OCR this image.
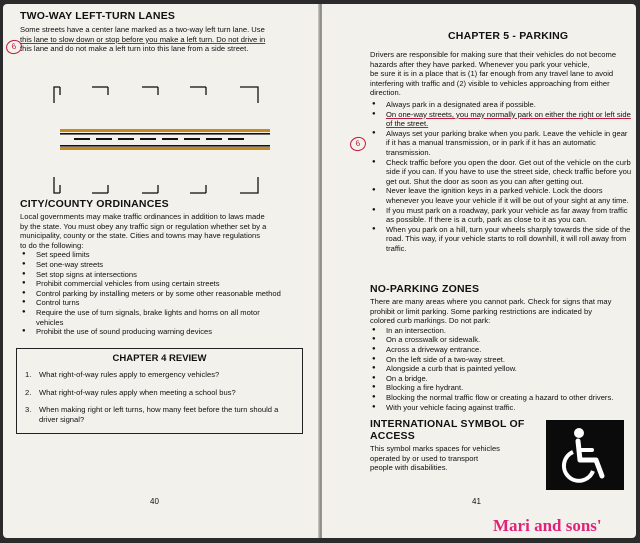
TWO-WAY LEFT-TURN LANES

Some streets have a center lane marked as a two-way left turn lane. Use

this lane to slow down or stop before you make a left turn. Do not drive in

this lane and do not make a left turn into this lane from a side street.

6
CITY/COUNTY ORDINANCES

Local governments may make traffic ordinances in addition to laws made

by the state. You must obey any traffic sign or regulation whether set by a

municipality, county or the state. Cities and towns may have regulations

to do the following:

● Set speed limits
● Set one-way streets
● Set stop signs at intersections
● Prohibit commercial vehicles from using certain streets
● Control parking by installing meters or by some other reasonable method
● Control turns
● Require the use of turn signals, brake lights and horns on all motor vehicles
● Prohibit the use of sound producing warning devices
CHAPTER 4 REVIEW
1. What right-of-way rules apply to emergency vehicles?
2. What right-of-way rules apply when meeting a school bus?
3. When making right or left turns, how many feet before the turn should a driver signal?
40
CHAPTER 5 - PARKING

Drivers are responsible for making sure that their vehicles do not become

hazards after they have parked. Whenever you park your vehicle,

be sure it is in a place that is (1) far enough from any travel lane to avoid

interfering with traffic and (2) visible to vehicles approaching from either

direction.

6
● Always park in a designated area if possible.
● On one-way streets, you may normally park on either the right or left side of the street.
● Always set your parking brake when you park. Leave the vehicle in gear if it has a manual transmission, or in park if it has an automatic transmission.
● Check traffic before you open the door. Get out of the vehicle on the curb side if you can. If you have to use the street side, check traffic before you get out. Shut the door as soon as you can after getting out.
● Never leave the ignition keys in a parked vehicle. Lock the doors whenever you leave your vehicle if it will be out of your sight at any time.
● If you must park on a roadway, park your vehicle as far away from traffic as possible. If there is a curb, park as close to it as you can.
● When you park on a hill, turn your wheels sharply towards the side of the road. This way, if your vehicle starts to roll downhill, it will roll away from traffic.
NO-PARKING ZONES

There are many areas where you cannot park. Check for signs that may

prohibit or limit parking. Some parking restrictions are indicated by

colored curb markings. Do not park:

● In an intersection.
● On a crosswalk or sidewalk.
● Across a driveway entrance.
● On the left side of a two-way street.
● Alongside a curb that is painted yellow.
● On a bridge.
● Blocking a fire hydrant.
● Blocking the normal traffic flow or creating a hazard to other drivers.
● With your vehicle facing against traffic.
INTERNATIONAL SYMBOL OF
ACCESS

This symbol marks spaces for vehicles

operated by or used to transport

people with disabilities.

41
Mari and sons'
